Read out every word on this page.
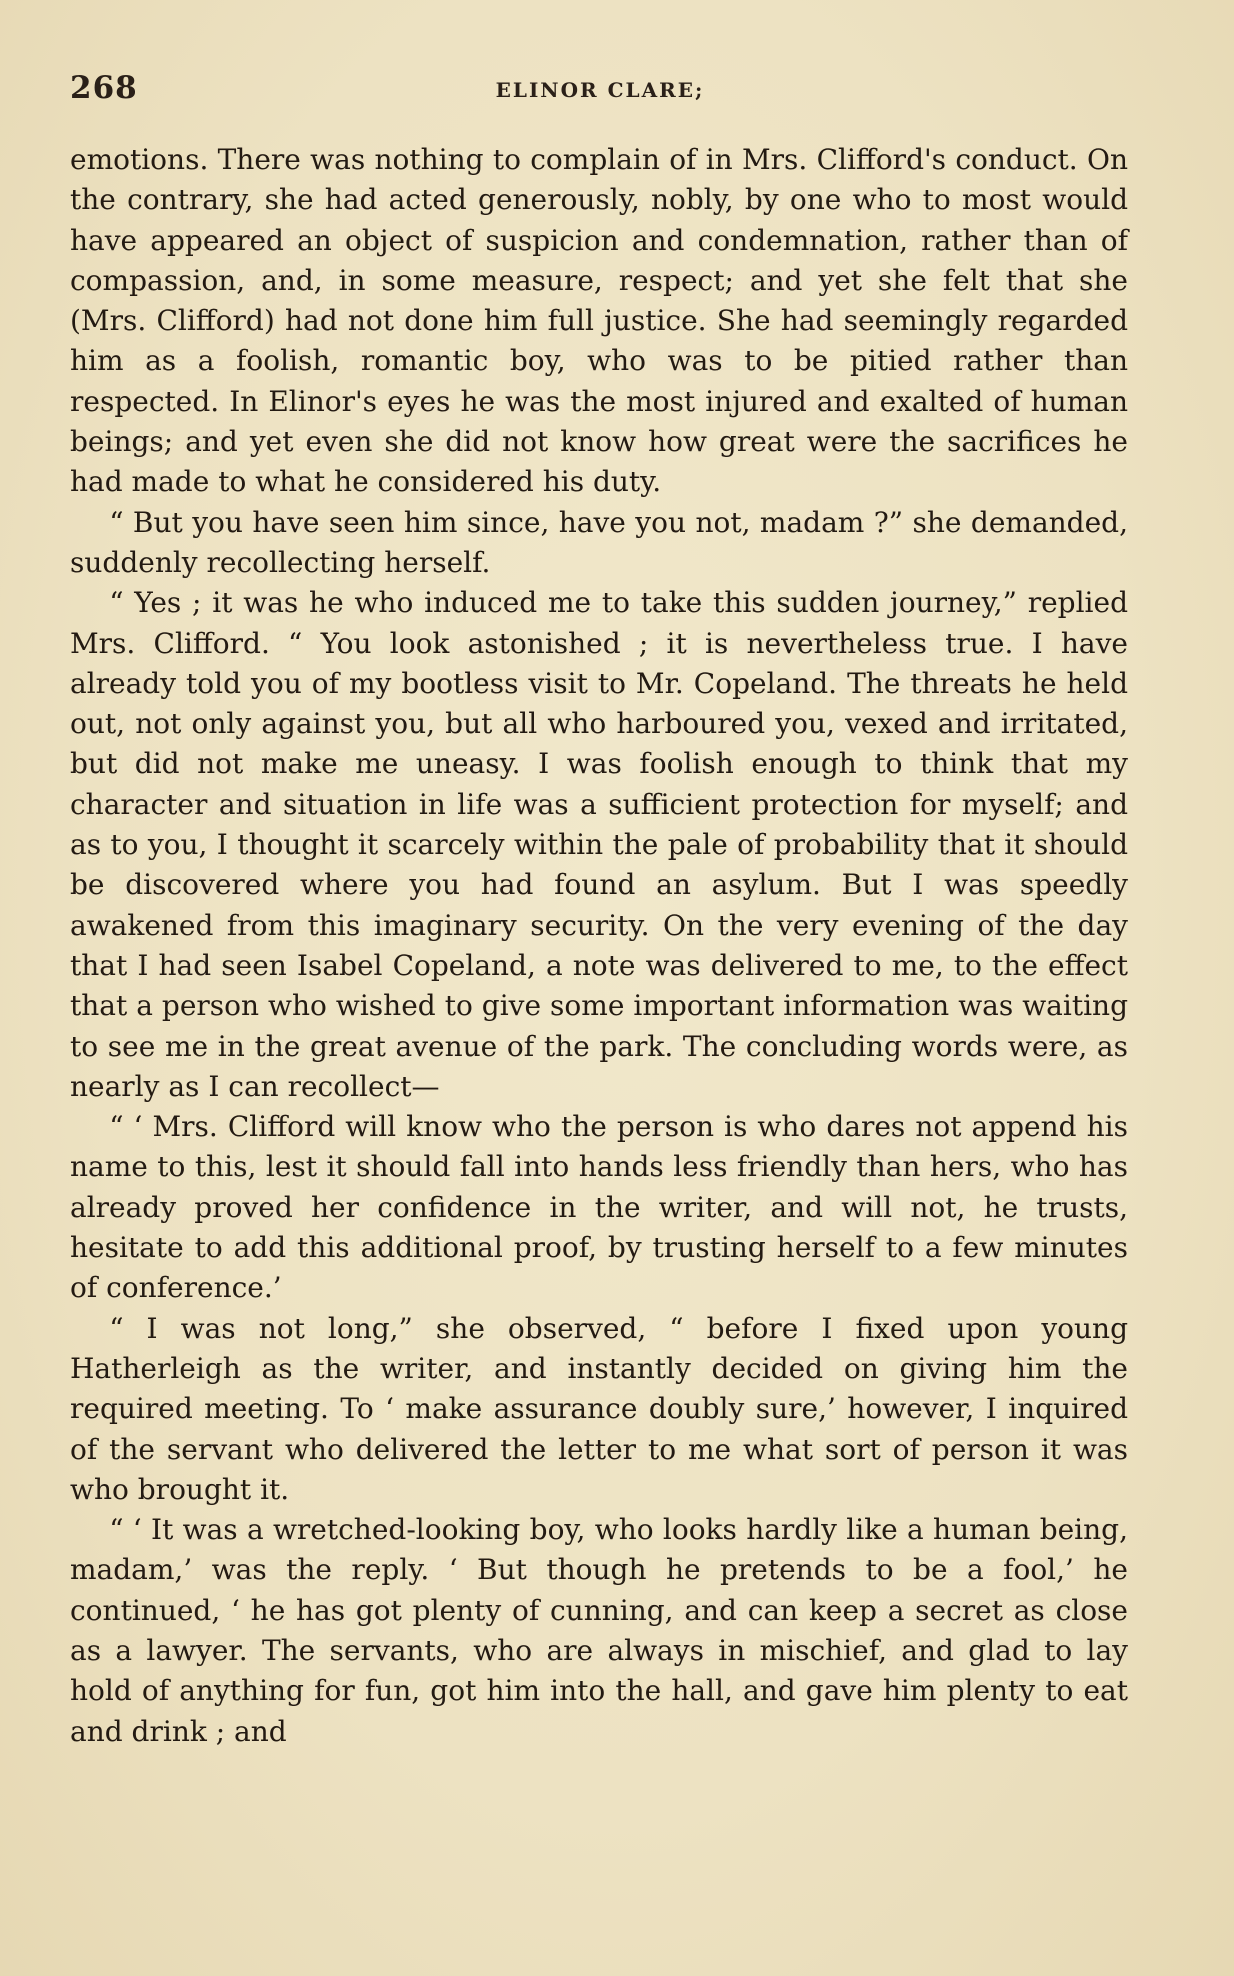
268	ELINOR CLARE;

emotions. There was nothing to complain of in Mrs. Clifford's conduct. On the contrary, she had acted generously, nobly, by one who to most would have appeared an object of suspicion and condemnation, rather than of compassion, and, in some measure, respect; and yet she felt that she (Mrs. Clifford) had not done him full justice. She had seemingly regarded him as a foolish, romantic boy, who was to be pitied rather than respected. In Elinor's eyes he was the most injured and exalted of human beings; and yet even she did not know how great were the sacrifices he had made to what he considered his duty.

“ But you have seen him since, have you not, madam ?” she demanded, suddenly recollecting herself.

“ Yes ; it was he who induced me to take this sudden journey,” replied Mrs. Clifford. “ You look astonished ; it is nevertheless true. I have already told you of my bootless visit to Mr. Copeland. The threats he held out, not only against you, but all who harboured you, vexed and irritated, but did not make me uneasy. I was foolish enough to think that my character and situation in life was a sufficient protection for myself; and as to you, I thought it scarcely within the pale of probability that it should be discovered where you had found an asylum. But I was speedly awakened from this imaginary security. On the very evening of the day that I had seen Isabel Copeland, a note was delivered to me, to the effect that a person who wished to give some important information was waiting to see me in the great avenue of the park. The concluding words were, as nearly as I can recollect—

“ ‘ Mrs. Clifford will know who the person is who dares not append his name to this, lest it should fall into hands less friendly than hers, who has already proved her confidence in the writer, and will not, he trusts, hesitate to add this additional proof, by trusting herself to a few minutes of conference.’

“ I was not long,” she observed, “ before I fixed upon young Hatherleigh as the writer, and instantly decided on giving him the required meeting. To ‘ make assurance doubly sure,’ however, I inquired of the servant who delivered the letter to me what sort of person it was who brought it.

“ ‘ It was a wretched-looking boy, who looks hardly like a human being, madam,’ was the reply. ‘ But though he pretends to be a fool,’ he continued, ‘ he has got plenty of cunning, and can keep a secret as close as a lawyer. The servants, who are always in mischief, and glad to lay hold of anything for fun, got him into the hall, and gave him plenty to eat and drink ; and
